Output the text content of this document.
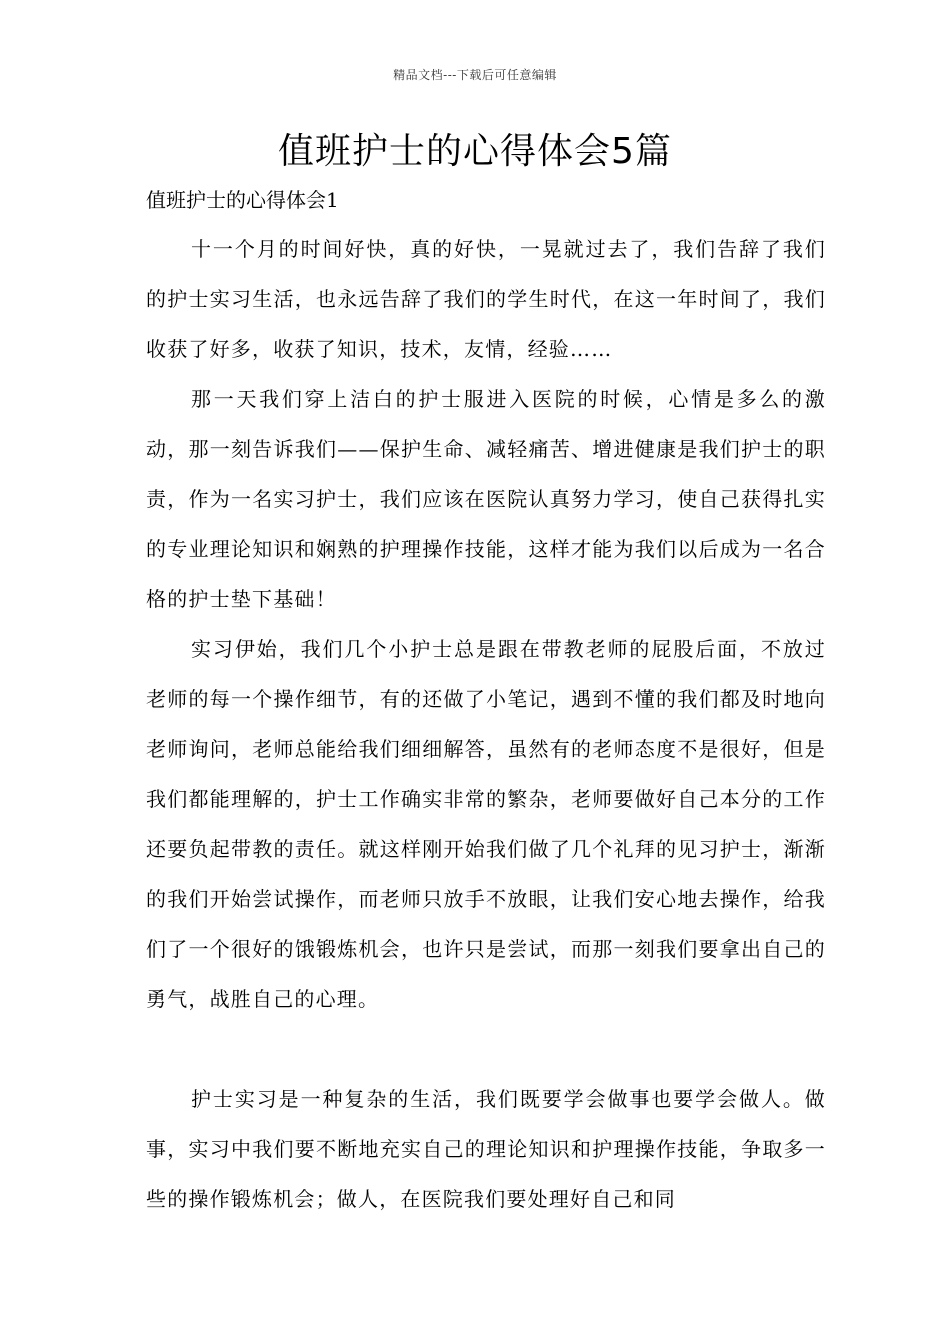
精品文档---下载后可任意编辑
值班护士的心得体会5篇
值班护士的心得体会1

十一个月的时间好快，真的好快，一晃就过去了，我们告辞了我们的护士实习生活，也永远告辞了我们的学生时代，在这一年时间了，我们收获了好多，收获了知识，技术，友情，经验……

那一天我们穿上洁白的护士服进入医院的时候，心情是多么的激动，那一刻告诉我们——保护生命、减轻痛苦、增进健康是我们护士的职责，作为一名实习护士，我们应该在医院认真努力学习，使自己获得扎实的专业理论知识和娴熟的护理操作技能，这样才能为我们以后成为一名合格的护士垫下基础！

实习伊始，我们几个小护士总是跟在带教老师的屁股后面，不放过老师的每一个操作细节，有的还做了小笔记，遇到不懂的我们都及时地向老师询问，老师总能给我们细细解答，虽然有的老师态度不是很好，但是我们都能理解的，护士工作确实非常的繁杂，老师要做好自己本分的工作还要负起带教的责任。就这样刚开始我们做了几个礼拜的见习护士，渐渐的我们开始尝试操作，而老师只放手不放眼，让我们安心地去操作，给我们了一个很好的饿锻炼机会，也许只是尝试，而那一刻我们要拿出自己的勇气，战胜自己的心理。

护士实习是一种复杂的生活，我们既要学会做事也要学会做人。做事，实习中我们要不断地充实自己的理论知识和护理操作技能，争取多一些的操作锻炼机会；做人，在医院我们要处理好自己和同
